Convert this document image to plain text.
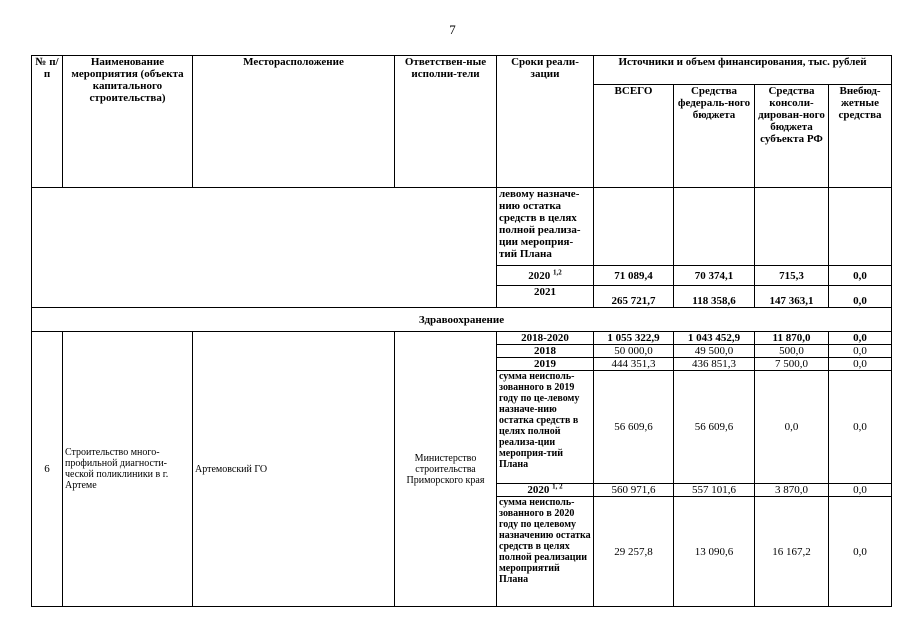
7
№ п/ п	Наименование мероприятия (объекта капитального строительства)	Месторасположение	Ответствен-ные исполни-тели	Сроки реали-зации	Источники и объем финансирования, тыс. рублей			
					ВСЕГО	Средства федераль-ного бюджета	Средства консоли-дирован-ного бюджета субъекта РФ	Внебюд-жетные средства
				левому назначе-нию остатка средств в целях полной реализа-ции мероприя-тий Плана				
				2020 $^{1,2}$	71 089,4	70 374,1	715,3	0,0
				2021	265 721,7	118 358,6	147 363,1	0,0
Здравоохранение								
6	Строительство много-профильной диагности-ческой поликлиники в г. Артеме	Артемовский ГО	Министерство строительства Приморского края	2018-2020	1 055 322,9	1 043 452,9	11 870,0	0,0
				2018	50 000,0	49 500,0	500,0	0,0
				2019	444 351,3	436 851,3	7 500,0	0,0
				сумма неисполь-зованного в 2019 году по це-левому назначе-нию остатка средств в целях полной реализа-ции мероприя-тий Плана	56 609,6	56 609,6	0,0	0,0
				2020 $^{1, 2}$	560 971,6	557 101,6	3 870,0	0,0
				сумма неисполь-зованного в 2020 году по целевому назначению остатка средств в целях полной реализации мероприятий Плана	29 257,8	13 090,6	16 167,2	0,0
